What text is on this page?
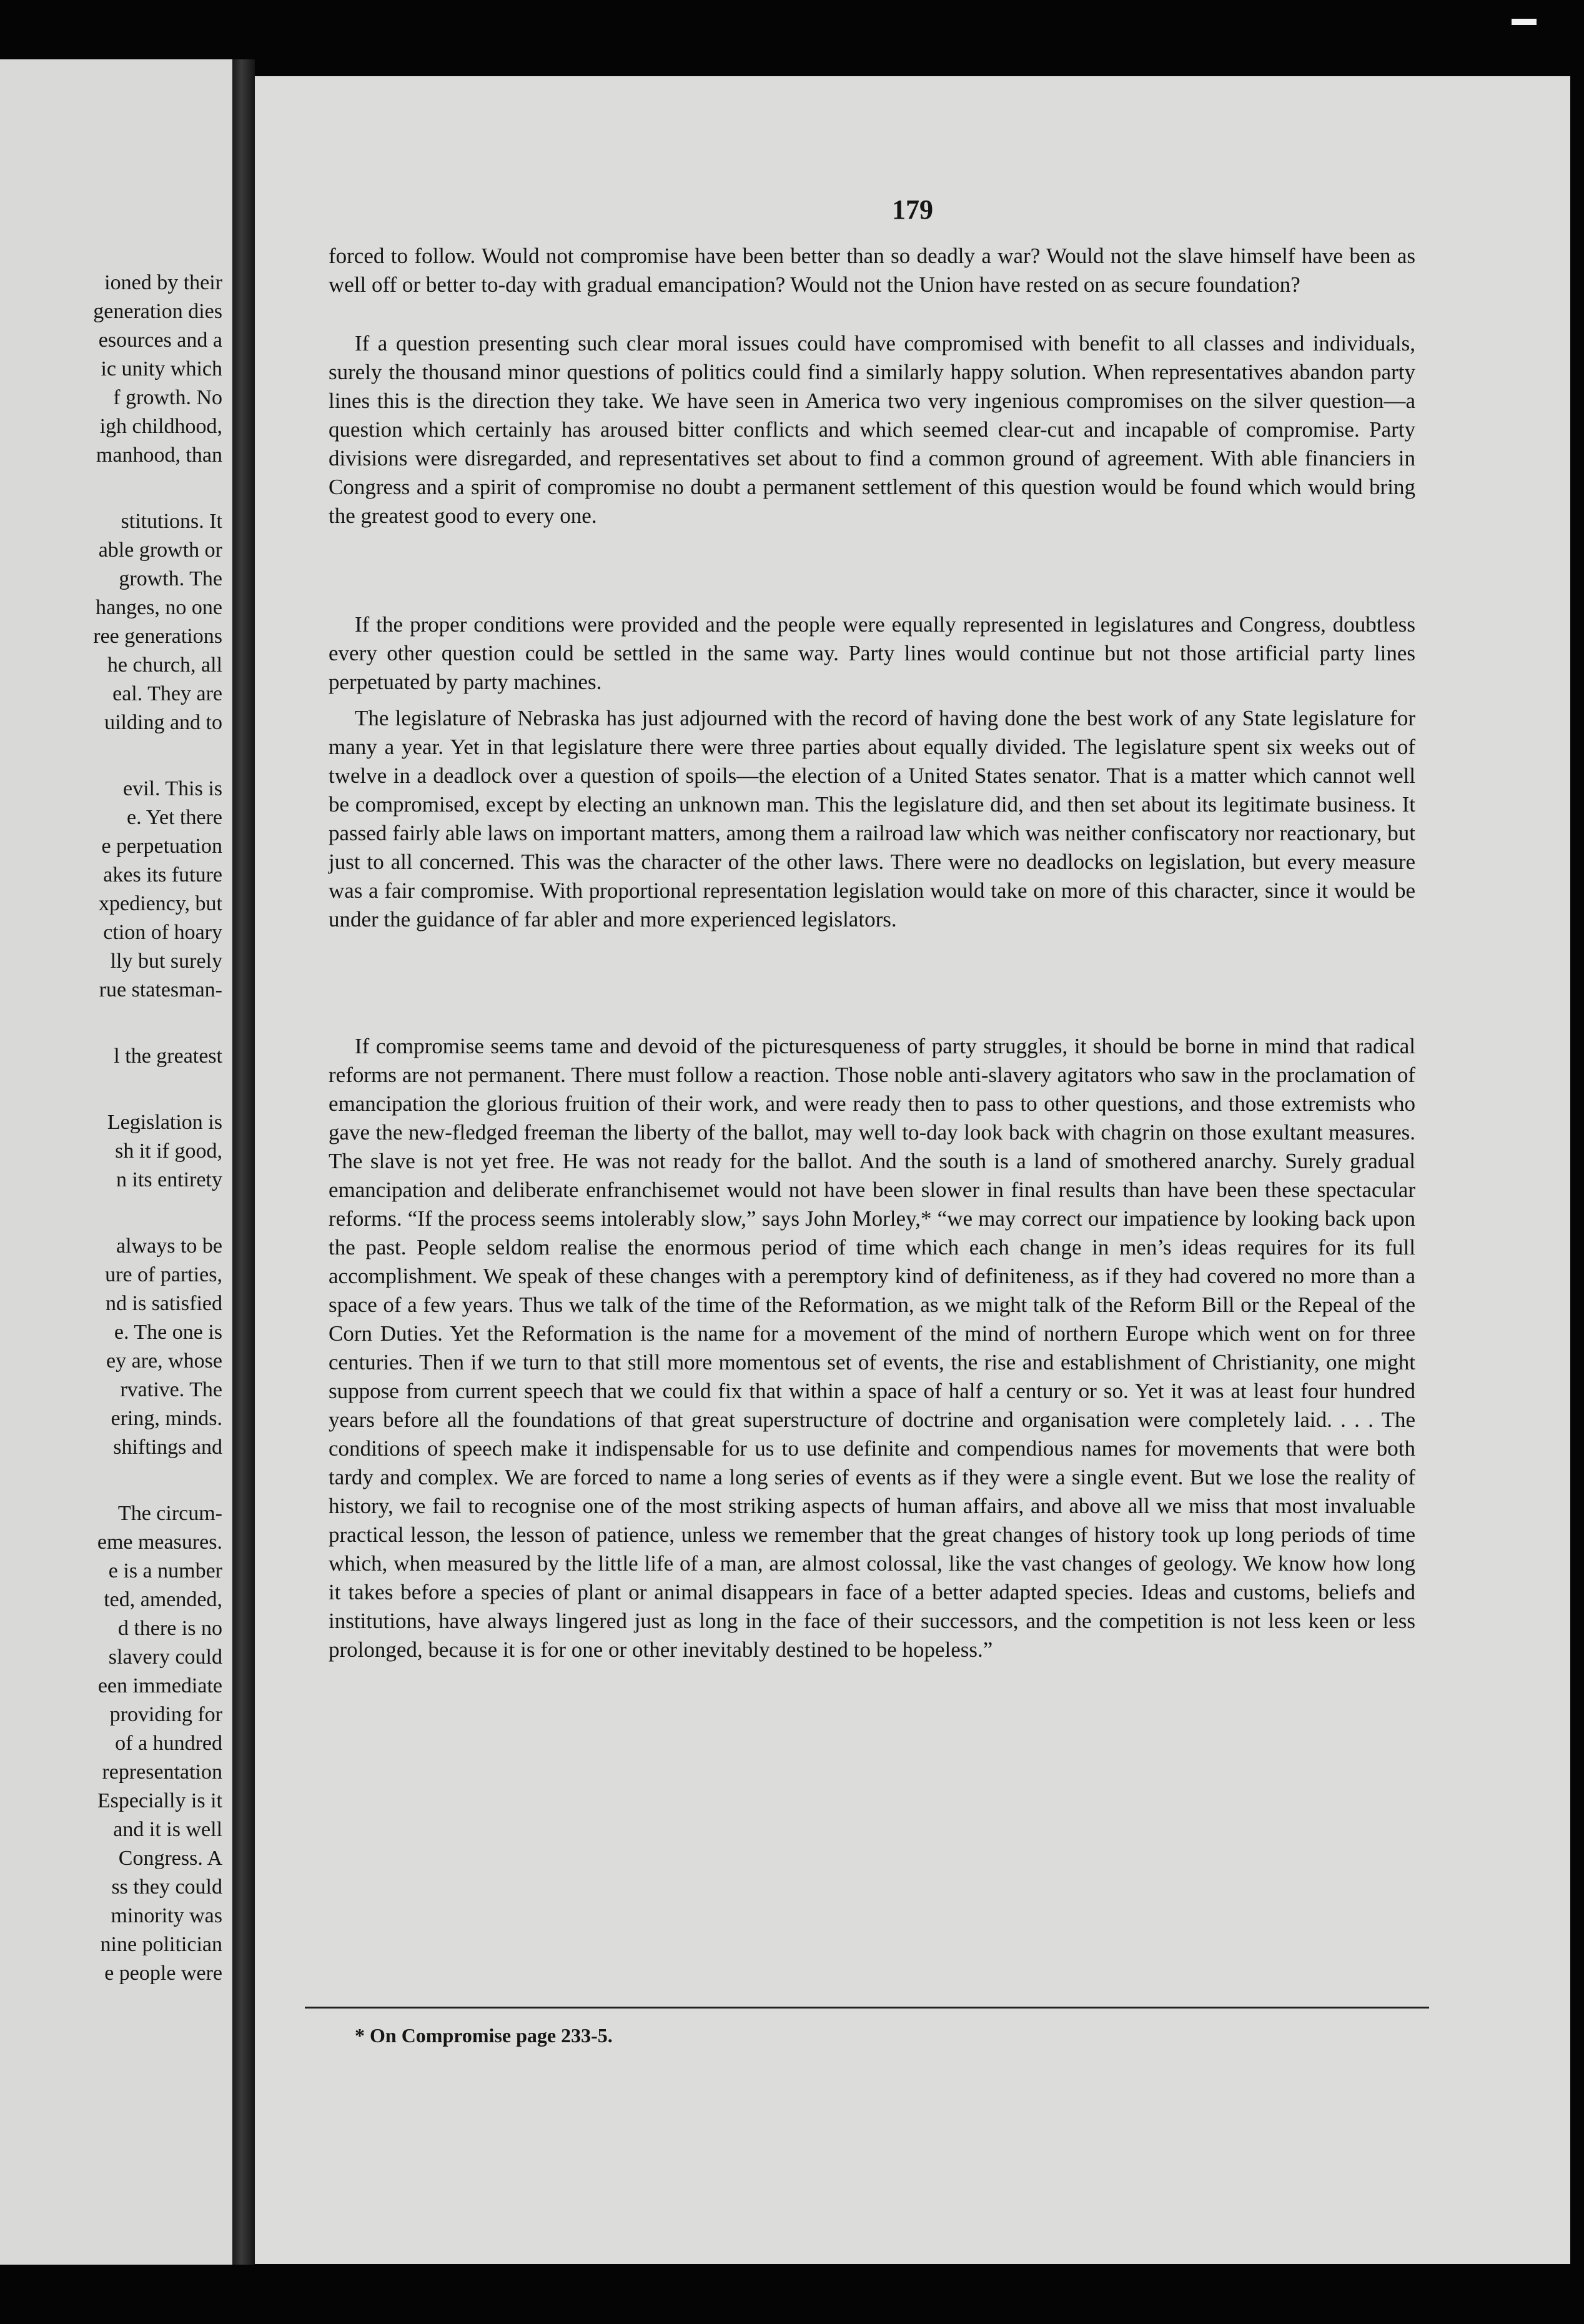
ioned by their
generation dies
esources and a
ic unity which
f growth. No
igh childhood,
manhood, than
stitutions. It
able growth or
growth. The
hanges, no one
ree generations
he church, all
eal. They are
uilding and to
evil. This is
e. Yet there
e perpetuation
akes its future
xpediency, but
ction of hoary
lly but surely
rue statesman-
l the greatest
Legislation is
sh it if good,
n its entirety
always to be
ure of parties,
nd is satisfied
e. The one is
ey are, whose
rvative. The
ering, minds.
shiftings and
The circum-
eme measures.
e is a number
ted, amended,
d there is no
slavery could
een immediate
providing for
of a hundred
representation
Especially is it
and it is well
Congress. A
ss they could
minority was
nine politician
e people were
179

forced to follow. Would not compromise have been better than so deadly a war? Would not the slave himself have been as well off or better to-day with gradual emancipation? Would not the Union have rested on as secure foundation?

If a question presenting such clear moral issues could have compromised with benefit to all classes and individuals, surely the thousand minor questions of politics could find a similarly happy solution. When representatives abandon party lines this is the direction they take. We have seen in America two very ingenious compromises on the silver question—a question which certainly has aroused bitter conflicts and which seemed clear-cut and incapable of compromise. Party divisions were disregarded, and representatives set about to find a common ground of agreement. With able financiers in Congress and a spirit of compromise no doubt a permanent settlement of this question would be found which would bring the greatest good to every one.

If the proper conditions were provided and the people were equally represented in legislatures and Congress, doubtless every other question could be settled in the same way. Party lines would continue but not those artificial party lines perpetuated by party machines.

The legislature of Nebraska has just adjourned with the record of having done the best work of any State legislature for many a year. Yet in that legislature there were three parties about equally divided. The legislature spent six weeks out of twelve in a deadlock over a question of spoils—the election of a United States senator. That is a matter which cannot well be compromised, except by electing an unknown man. This the legislature did, and then set about its legitimate business. It passed fairly able laws on important matters, among them a railroad law which was neither confiscatory nor reactionary, but just to all concerned. This was the character of the other laws. There were no deadlocks on legislation, but every measure was a fair compromise. With proportional representation legislation would take on more of this character, since it would be under the guidance of far abler and more experienced legislators.

If compromise seems tame and devoid of the picturesqueness of party struggles, it should be borne in mind that radical reforms are not permanent. There must follow a reaction. Those noble anti-slavery agitators who saw in the proclamation of emancipation the glorious fruition of their work, and were ready then to pass to other questions, and those extremists who gave the new-fledged freeman the liberty of the ballot, may well to-day look back with chagrin on those exultant measures. The slave is not yet free. He was not ready for the ballot. And the south is a land of smothered anarchy. Surely gradual emancipation and deliberate enfranchisemet would not have been slower in final results than have been these spectacular reforms. “If the process seems intolerably slow,” says John Morley,* “we may correct our impatience by looking back upon the past. People seldom realise the enormous period of time which each change in men’s ideas requires for its full accomplishment. We speak of these changes with a peremptory kind of definiteness, as if they had covered no more than a space of a few years. Thus we talk of the time of the Reformation, as we might talk of the Reform Bill or the Repeal of the Corn Duties. Yet the Reformation is the name for a movement of the mind of northern Europe which went on for three centuries. Then if we turn to that still more momentous set of events, the rise and establishment of Christianity, one might suppose from current speech that we could fix that within a space of half a century or so. Yet it was at least four hundred years before all the foundations of that great superstructure of doctrine and organisation were completely laid. . . . The conditions of speech make it indispensable for us to use definite and compendious names for movements that were both tardy and complex. We are forced to name a long series of events as if they were a single event. But we lose the reality of history, we fail to recognise one of the most striking aspects of human affairs, and above all we miss that most invaluable practical lesson, the lesson of patience, unless we remember that the great changes of history took up long periods of time which, when measured by the little life of a man, are almost colossal, like the vast changes of geology. We know how long it takes before a species of plant or animal disappears in face of a better adapted species. Ideas and customs, beliefs and institutions, have always lingered just as long in the face of their successors, and the competition is not less keen or less prolonged, because it is for one or other inevitably destined to be hopeless.”

* On Compromise page 233-5.
